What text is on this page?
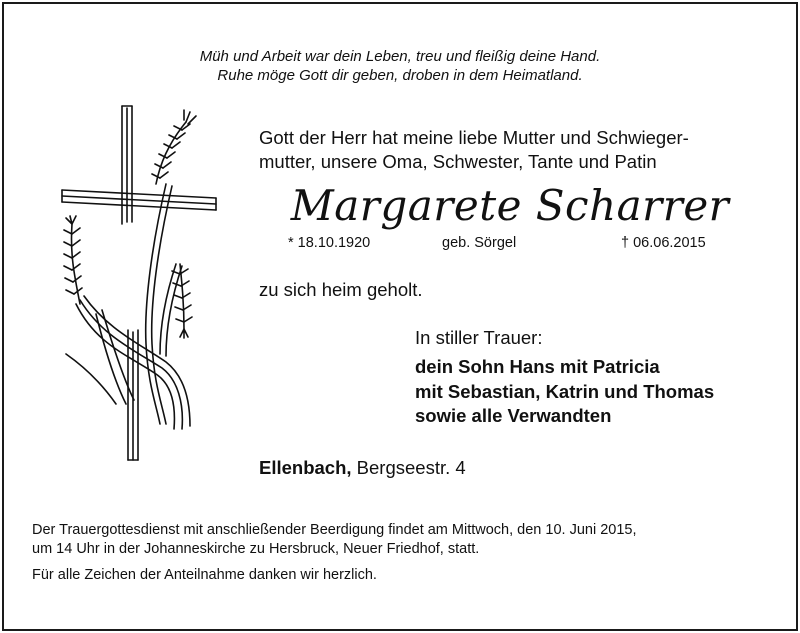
Müh und Arbeit war dein Leben, treu und fleißig deine Hand.
Ruhe möge Gott dir geben, droben in dem Heimatland.
Gott der Herr hat meine liebe Mutter und Schwieger-
mutter, unsere Oma, Schwester, Tante und Patin
Margarete Scharrer
* 18.10.1920	geb. Sörgel	† 06.06.2015
zu sich heim geholt.
In stiller Trauer:
dein Sohn Hans mit Patricia
mit Sebastian, Katrin und Thomas
sowie alle Verwandten
Ellenbach, Bergseestr. 4
Der Trauergottesdienst mit anschließender Beerdigung findet am Mittwoch, den 10. Juni 2015,
um 14 Uhr in der Johanneskirche zu Hersbruck, Neuer Friedhof, statt.
Für alle Zeichen der Anteilnahme danken wir herzlich.
